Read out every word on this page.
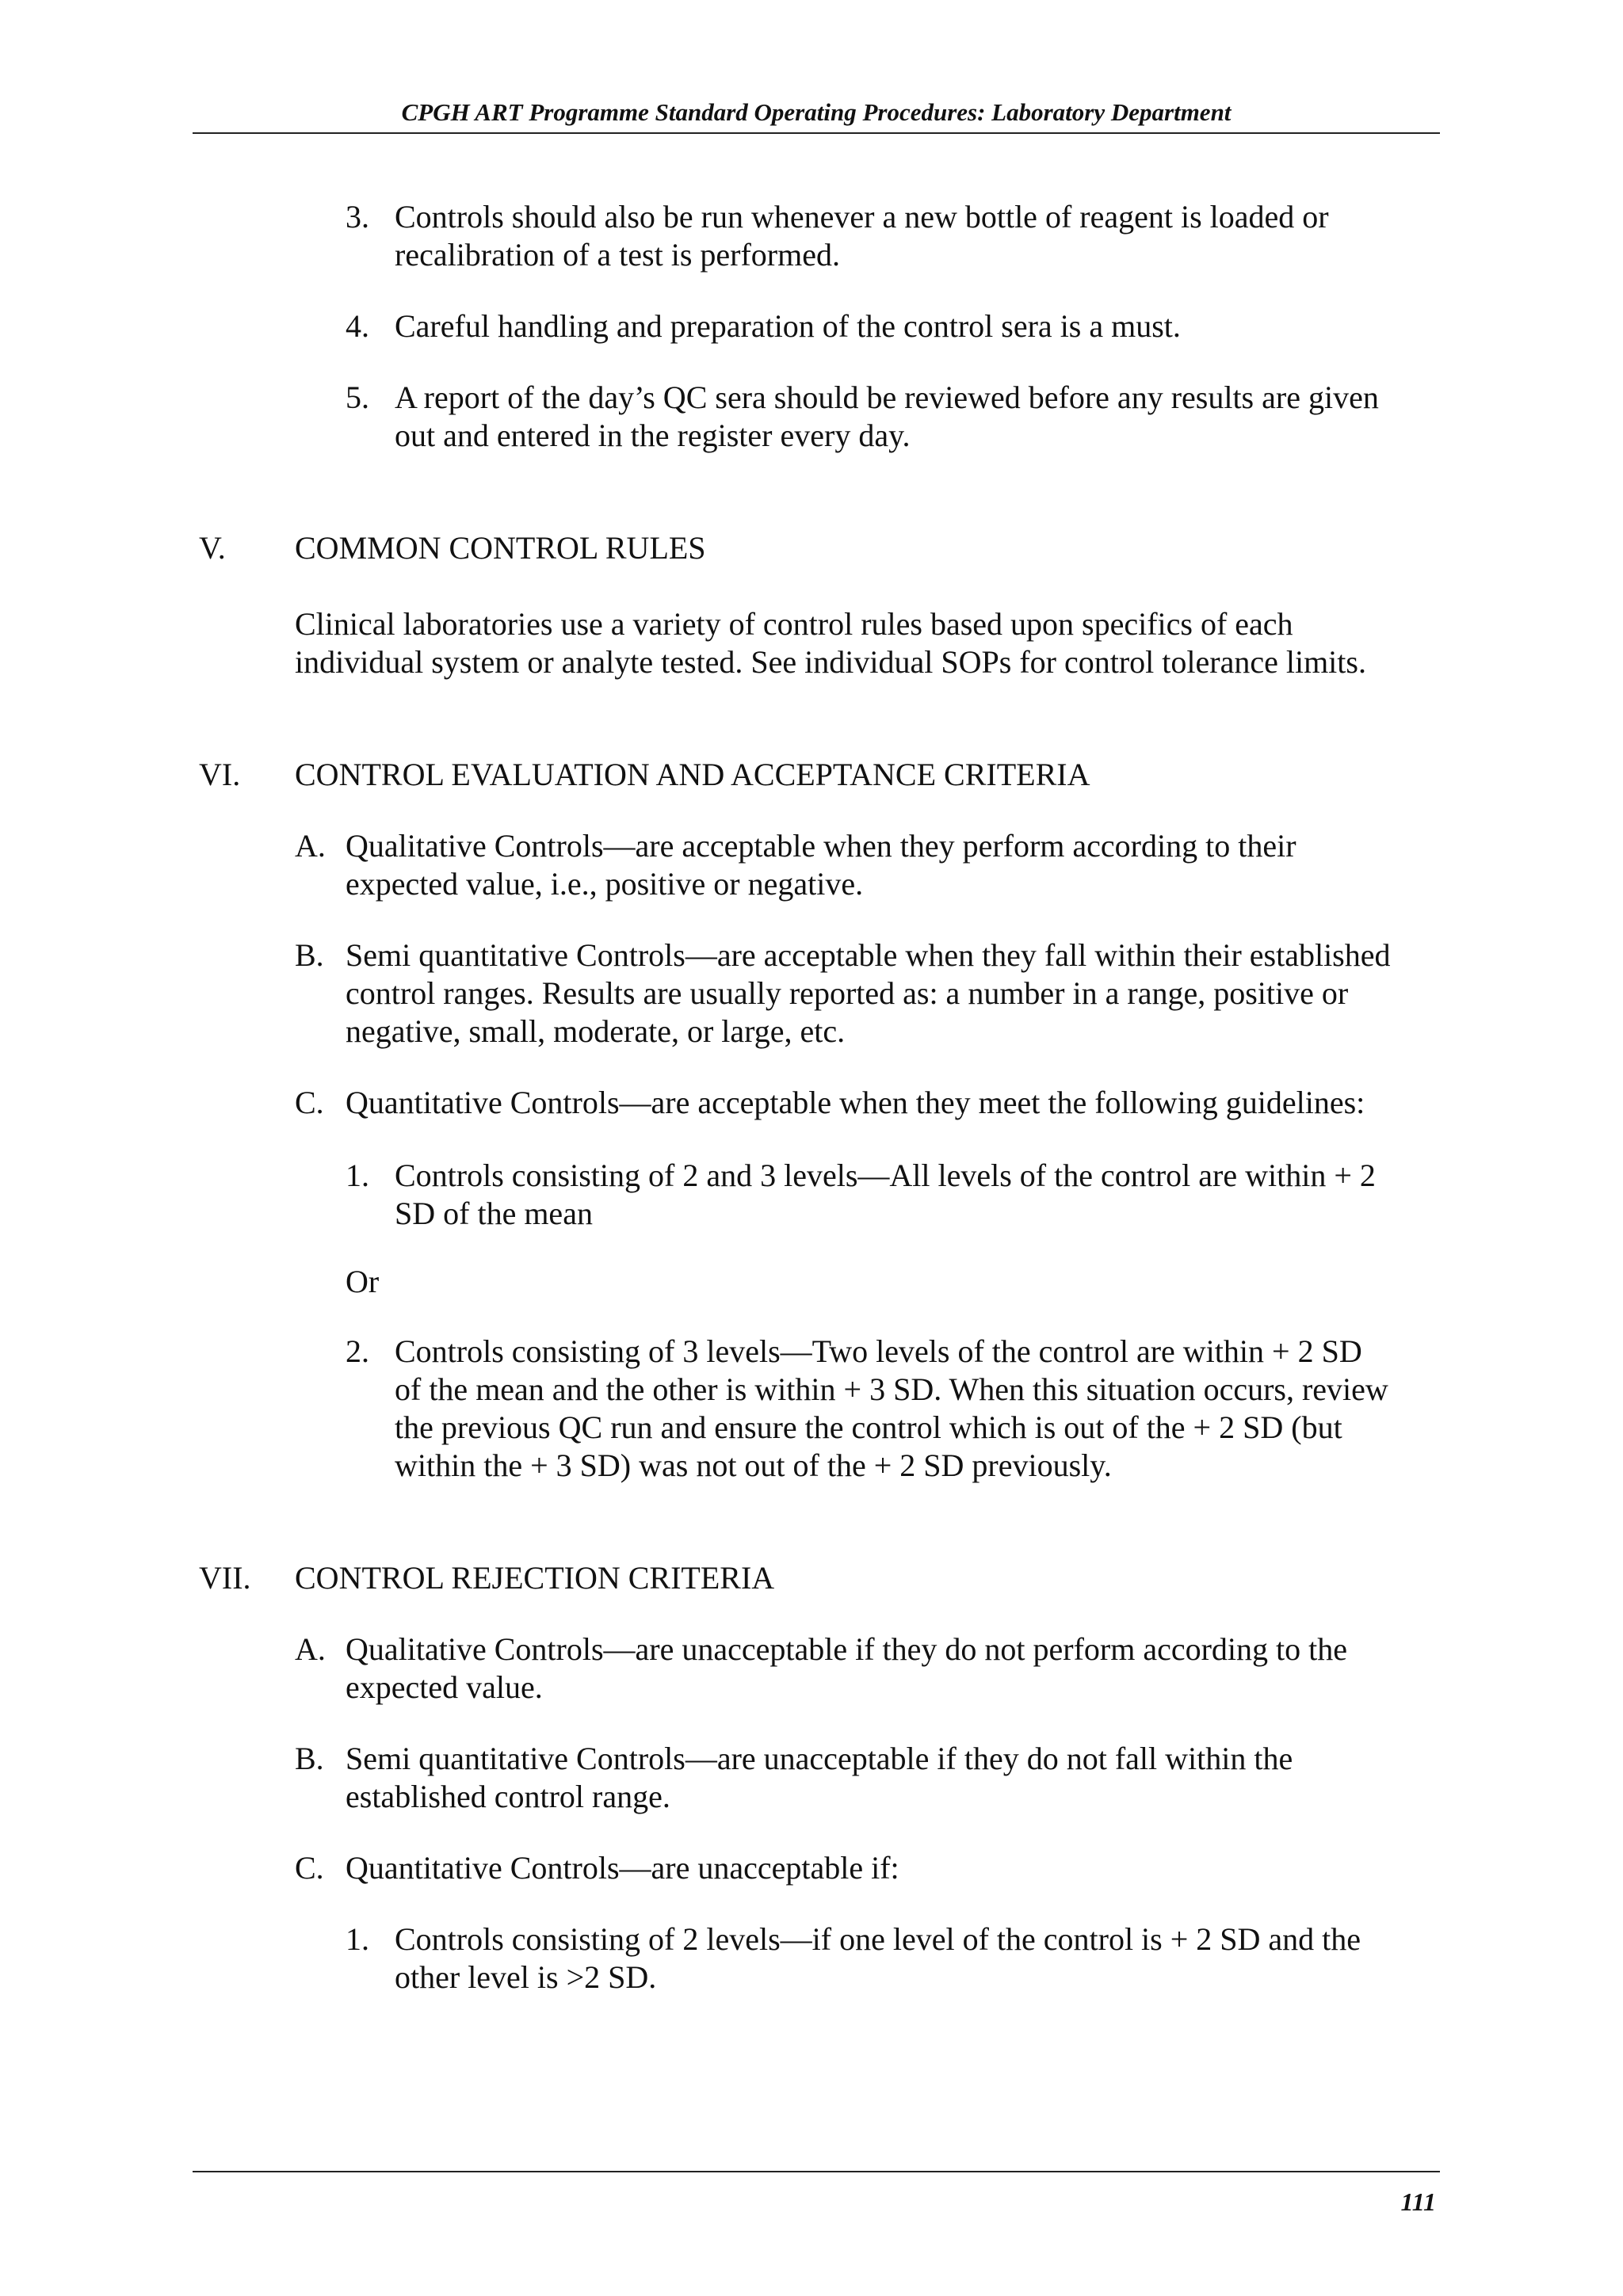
CPGH ART Programme Standard Operating Procedures: Laboratory Department
3. Controls should also be run whenever a new bottle of reagent is loaded or
recalibration of a test is performed.
4. Careful handling and preparation of the control sera is a must.
5. A report of the day’s QC sera should be reviewed before any results are given
out and entered in the register every day.
V. COMMON CONTROL RULES
Clinical laboratories use a variety of control rules based upon specifics of each
individual system or analyte tested. See individual SOPs for control tolerance limits.
VI. CONTROL EVALUATION AND ACCEPTANCE CRITERIA
A. Qualitative Controls—are acceptable when they perform according to their
expected value, i.e., positive or negative.
B. Semi quantitative Controls—are acceptable when they fall within their established
control ranges. Results are usually reported as: a number in a range, positive or
negative, small, moderate, or large, etc.
C. Quantitative Controls—are acceptable when they meet the following guidelines:
1. Controls consisting of 2 and 3 levels—All levels of the control are within + 2
SD of the mean
Or
2. Controls consisting of 3 levels—Two levels of the control are within + 2 SD
of the mean and the other is within + 3 SD. When this situation occurs, review
the previous QC run and ensure the control which is out of the + 2 SD (but
within the + 3 SD) was not out of the + 2 SD previously.
VII. CONTROL REJECTION CRITERIA
A. Qualitative Controls—are unacceptable if they do not perform according to the
expected value.
B. Semi quantitative Controls—are unacceptable if they do not fall within the
established control range.
C. Quantitative Controls—are unacceptable if:
1. Controls consisting of 2 levels—if one level of the control is + 2 SD and the
other level is >2 SD.
111
